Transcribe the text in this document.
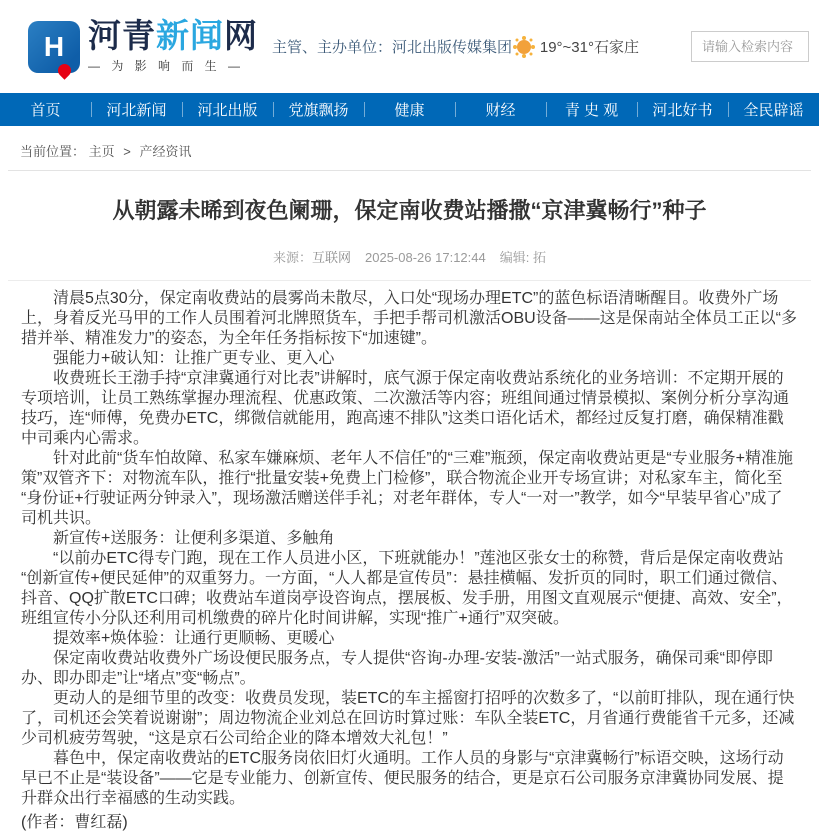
H 河青新闻网
— 为 影 响 而 生 —
主管、主办单位：河北出版传媒集团 19°~31°石家庄
请输入检索内容
首页	河北新闻	河北出版	党旗飘扬	健康	财经	青 史 观	河北好书	全民辟谣
当前位置： 主页 > 产经资讯
从朝露未晞到夜色阑珊，保定南收费站播撒“京津冀畅行”种子
来源：互联网 2025-08-26 17:12:44 编辑: 拓

清晨5点30分，保定南收费站的晨雾尚未散尽，入口处“现场办理ETC”的蓝色标语清晰醒目。收费外广场上，身着反光马甲的工作人员围着河北牌照货车，手把手帮司机激活OBU设备——这是保南站全体员工正以“多措并举、精准发力”的姿态，为全年任务指标按下“加速键”。

强能力+破认知：让推广更专业、更入心

收费班长王渤手持“京津冀通行对比表”讲解时，底气源于保定南收费站系统化的业务培训：不定期开展的专项培训，让员工熟练掌握办理流程、优惠政策、二次激活等内容；班组间通过情景模拟、案例分析分享沟通技巧，连“师傅，免费办ETC，绑微信就能用，跑高速不排队”这类口语化话术，都经过反复打磨，确保精准戳中司乘内心需求。

针对此前“货车怕故障、私家车嫌麻烦、老年人不信任”的“三难”瓶颈，保定南收费站更是“专业服务+精准施策”双管齐下：对物流车队，推行“批量安装+免费上门检修”，联合物流企业开专场宣讲；对私家车主，简化至“身份证+行驶证两分钟录入”，现场激活赠送伴手礼；对老年群体，专人“一对一”教学，如今“早装早省心”成了司机共识。

新宣传+送服务：让便利多渠道、多触角

“以前办ETC得专门跑，现在工作人员进小区，下班就能办！”莲池区张女士的称赞，背后是保定南收费站“创新宣传+便民延伸”的双重努力。一方面，“人人都是宣传员”：悬挂横幅、发折页的同时，职工们通过微信、抖音、QQ扩散ETC口碑；收费站车道岗亭设咨询点，摆展板、发手册，用图文直观展示“便捷、高效、安全”，班组宣传小分队还利用司机缴费的碎片化时间讲解，实现“推广+通行”双突破。

提效率+焕体验：让通行更顺畅、更暖心

保定南收费站收费外广场设便民服务点，专人提供“咨询-办理-安装-激活”一站式服务，确保司乘“即停即办、即办即走”让“堵点”变“畅点”。

更动人的是细节里的改变：收费员发现，装ETC的车主摇窗打招呼的次数多了，“以前盯排队，现在通行快了，司机还会笑着说谢谢”；周边物流企业刘总在回访时算过账：车队全装ETC，月省通行费能省千元多，还减少司机疲劳驾驶，“这是京石公司给企业的降本增效大礼包！”

暮色中，保定南收费站的ETC服务岗依旧灯火通明。工作人员的身影与“京津冀畅行”标语交映，这场行动早已不止是“装设备”——它是专业能力、创新宣传、便民服务的结合，更是京石公司服务京津冀协同发展、提升群众出行幸福感的生动实践。

(作者：曹红磊)
